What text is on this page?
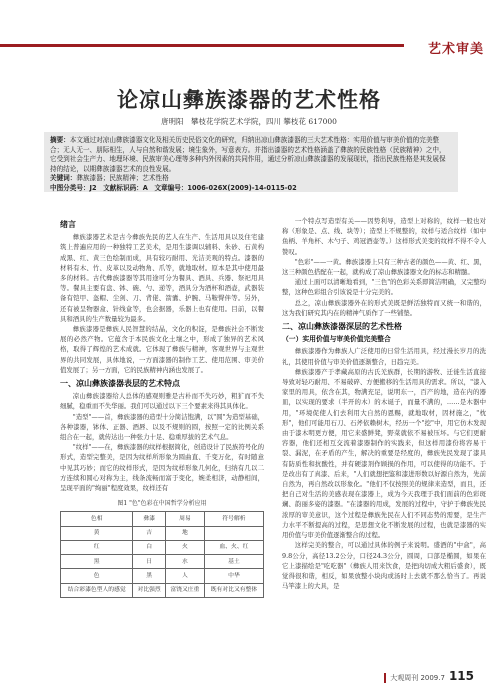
艺术审美
论凉山彝族漆器的艺术性格
唐明阳　攀枝花学院艺术学院，四川 攀枝花 617000
摘要：本文通过对凉山彝族漆器文化及相关历史民俗文化的研究，归纳出凉山彝族漆器的三大艺术性格：实用价值与审美价值的完美整合；无人无一、朋际相生，人与自然和谐发展；境生象外，写意表方。并指出漆器的艺术性格涵盖了彝族的民族性格（民族精神）之中，它受到社会生产力、地理环境、民族审美心理等多种内外因素的共同作用，通过分析凉山彝族漆器的发展现状，指出民族性格是其发展保持的结论，以期彝族漆器艺术的良性发展。
关键词：彝族漆器；民族精神；艺术性格
中图分类号：J2　文献标识码：A　文章编号：1006-026X(2009)-14-0115-02
绪言

彝族漆器艺术是古今彝族先民的艺人在生产、生活用具以及住宅建筑上普遍应用的一种独特工艺美术，是用生漆调以辅料、朱砂、石黄构成黑、红、黄三色绘制而成，具有较巧耐用、光洁美观的特点。漆器的材料有木、竹、皮革以及动物角、爪等，就地取材。原本是其中使用最多的材料。古代彝族漆器等其用途可分为餐具、酒具、兵器、祭祀用具等。餐具主要有盘、钵、碗、勺、递等，酒具分为酒杯和酒壶，武器装备有铠甲、盔帽、尘剑、刀、背佬、箭囊、护腕、马鞍臀伴等。另外，还有被呈物器盒、针线盒等，也会据器，乐器上也有使用。目前，以餐具和酒具的生产数量较为最多。

彝族漆器是彝族人民智慧的结晶，文化的积淀，是彝族社会不断发展的必然产物。它蕴含于本民族文化土壤之中，形成了独异的艺术风格，取得了辉煌的艺术成就。它体现了彝族与精神，客观世界与主观世界的共同发展，具体地说，一方面漆器的制作工艺、使用范围、审美价值发展了；另一方面，它的民族精神内涵也发展了。

一、凉山彝族漆器表层的艺术特点

凉山彝族漆器给人总体的感观则雅是古朴而不失巧妙，粗犷而不失细腻，稳重而不失华丽。我们可以通过以下三个要素来得其具体化。

"造型"——首，彝族漆器的造型十分简洁饱满，以"圆"为造型基础，各种漆器，钵体、正器、酒唇、以及不规则的圆，按照一定的比例关系组合在一起，就传达出一种张力十足、稳重厚拔的艺术气息。

"纹样"——在，彝族漆器的纹样根据简化，创造设计了民族符号化的形式，造型完整美，是因为纹样所形象为圆曲直、千变万化，有时随意中见其巧妙；而它的纹样形式，是因为纹样形象几何化，归纳有几以二方连续和圆心对称为主，线条流畅而富于变化，婉柔相济，动静相间，呈现平面的"绚丽"程度效果，纹样还有

图1 "色"色彩在中国哲学分析应用
色相	彝漆	周易	符号解析
黄	吉	地	
红	白	火	血、火、红
黑	日	水	基土
色	黑	人	中华
结合彩漆色型人的感觉	对比强烈	富饶又庄重	既有对比又有整体

一个特点写造型有关——因势利导，造型上对称的，纹样一般也对称（形象是、点、线、块等）；造型上不规整的，纹样与适合纹样（如中鱼柄、羊角杯、木勺子、鸡冠酒壶等。）这样形式美变的纹样不得不令人赞叹。

"色彩"——一黄。彝族漆器上只有三种古老的颜色——黄、红、黑，这三种颜色搭配在一起，就构成了凉山彝族漆器文化的标志和精髓。

通过上面可以清晰地看到，"三色"的色彩关系即简洁明确，又完整均整，这种色彩组合引该说是十分完美的。

总之，凉山彝族漆器外在的形式美既是鲜活独特而又统一和谐的，这为我们研究其内在的精神气质作了一些铺垫。

二、凉山彝族漆器深层的艺术性格
（一）实用价值与审美价值完美整合

彝族漆器作为彝族人广泛使用的日常生活用具，经过漫长岁月的洗礼，其使用价值与审美价值逐渐整合，日趋完美。

彝族漆器产于孝藏高原的古氏羌族群，长期的游牧、迁徙生活直接导致对轻巧耐用、不易破碎、方便搬移的生活用具的需求。所以，"漆入家里的用具，依含在其，物满充足，说明东一，百产的地，造在内的器皿，以实现的要求（半开的木）的木诞子，而量不满的，……是木器中用，"环境促使人们去利用大自然的恩赐，就地取材，因材施之，"枕形"，他们可能用石刀、石斧依赖树木，经历一个"挖"中，用它仿木发现由于漆木明更方便，用它来盛鲜凳，野菜就依不易被压坏。与它们更耐容器，他们还相互交流着漆器制作的实践来，但这样用漆份将容易干裂、漏泥，在矛盾的产生，解决的重要是经度的，彝族先民发现了漆具有防质性和抗酸性，并有硬漆剂作顾损的作用，可以使得的功能不。于是改出有了真漆、后来，"人们就想把鉴和漆进形数以好源自然为，先前自然为，再自然改以形象化。"他们不仅按照美的规律来造型，而且，还把自己对生活的美感表现在漆器上，成为今天我理于我们面前的色彩斑斓、韵丽多姿的漆器。"在漆器的用成，发展的过程中，守护于彝族先民浓厚的审美意识，这个过程是彝族先民在人们不同态势的需要，是生产力水平不断提高的过程，是思想文化不断发展的过程，也就是漆器的实用价值与审美价值逐渐整合的过程。

这样完美的整合，可以通过具体的例子来说明。盛酒的"中盒"，高9.8公分，高径13.2公分，口径24.3公分，圆周，口部是椭圆，如果在它上漆描绘是"吃吃器"（彝族人用来饮食，是把肉切成大粗后盛食），既觉得很和谐，相反，如果放整小块肉或汤时上去就不那么恰当了。再说马竿漆上的大具，是

大观周刊 2009.7 115
